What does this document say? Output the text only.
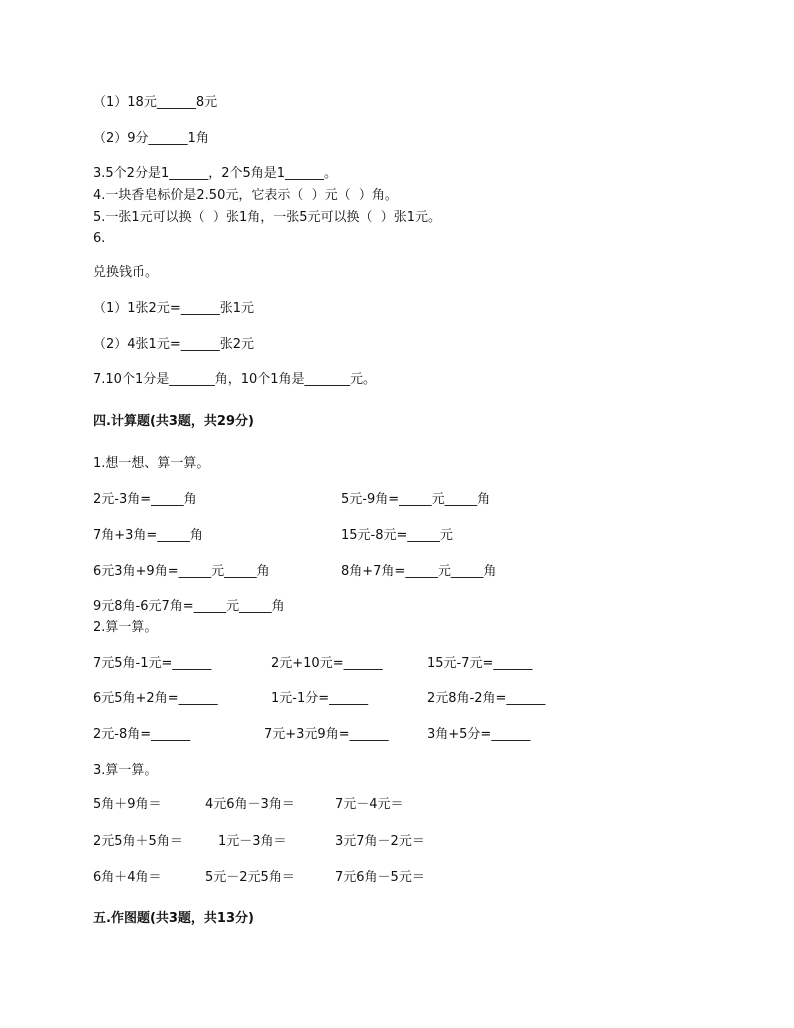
（1）18元______8元
（2）9分______1角
3.5个2分是1______，2个5角是1______。
4.一块香皂标价是2.50元，它表示（  ）元（  ）角。
5.一张1元可以换（  ）张1角，一张5元可以换（  ）张1元。
6.
兑换钱币。
（1）1张2元=______张1元
（2）4张1元=______张2元
7.10个1分是_______角，10个1角是_______元。
四.计算题(共3题，共29分)
1.想一想、算一算。
2元-3角=_____角	5元-9角=_____元_____角
7角+3角=_____角	15元-8元=_____元
6元3角+9角=_____元_____角	8角+7角=_____元_____角
9元8角-6元7角=_____元_____角
2.算一算。
7元5角-1元=______	2元+10元=______	15元-7元=______
6元5角+2角=______	1元-1分=______	2元8角-2角=______
2元-8角=______	7元+3元9角=______	3角+5分=______
3.算一算。
5角＋9角＝	4元6角－3角＝	7元－4元＝
2元5角＋5角＝	1元－3角＝	3元7角－2元＝
6角＋4角＝	5元－2元5角＝	7元6角－5元＝
五.作图题(共3题，共13分)
